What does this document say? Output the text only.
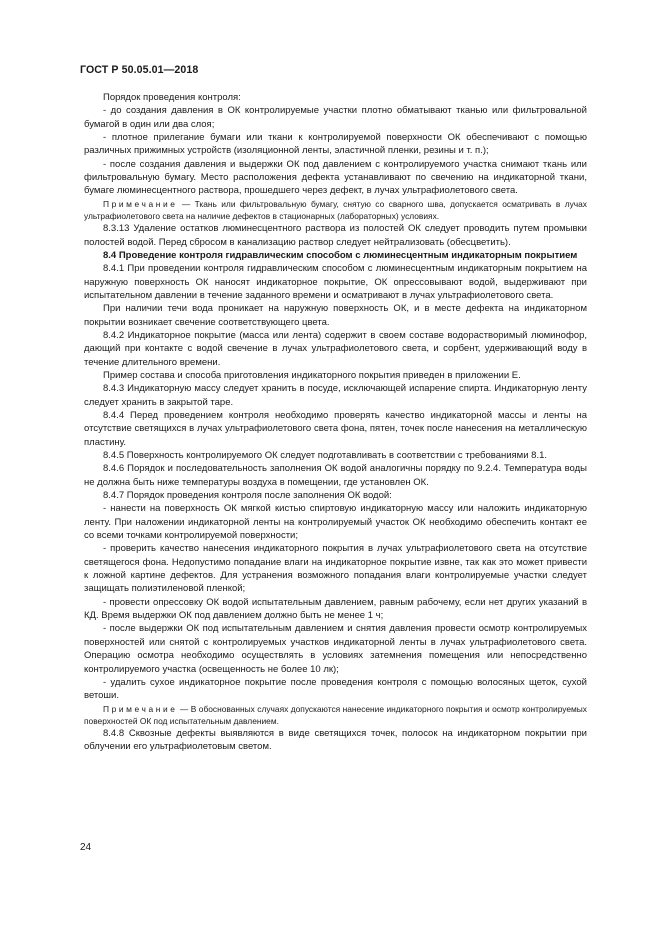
ГОСТ Р 50.05.01—2018

Порядок проведения контроля:

- до создания давления в ОК контролируемые участки плотно обматывают тканью или фильтровальной бумагой в один или два слоя;

- плотное прилегание бумаги или ткани к контролируемой поверхности ОК обеспечивают с помощью различных прижимных устройств (изоляционной ленты, эластичной пленки, резины и т. п.);

- после создания давления и выдержки ОК под давлением с контролируемого участка снимают ткань или фильтровальную бумагу. Место расположения дефекта устанавливают по свечению на индикаторной ткани, бумаге люминесцентного раствора, прошедшего через дефект, в лучах ультрафиолетового света.

Примечание — Ткань или фильтровальную бумагу, снятую со сварного шва, допускается осматривать в лучах ультрафиолетового света на наличие дефектов в стационарных (лабораторных) условиях.

8.3.13 Удаление остатков люминесцентного раствора из полостей ОК следует проводить путем промывки полостей водой. Перед сбросом в канализацию раствор следует нейтрализовать (обесцветить).

8.4 Проведение контроля гидравлическим способом с люминесцентным индикаторным покрытием

8.4.1 При проведении контроля гидравлическим способом с люминесцентным индикаторным покрытием на наружную поверхность ОК наносят индикаторное покрытие, ОК опрессовывают водой, выдерживают при испытательном давлении в течение заданного времени и осматривают в лучах ультрафиолетового света.

При наличии течи вода проникает на наружную поверхность ОК, и в месте дефекта на индикаторном покрытии возникает свечение соответствующего цвета.

8.4.2 Индикаторное покрытие (масса или лента) содержит в своем составе водорастворимый люминофор, дающий при контакте с водой свечение в лучах ультрафиолетового света, и сорбент, удерживающий воду в течение длительного времени.

Пример состава и способа приготовления индикаторного покрытия приведен в приложении Е.

8.4.3 Индикаторную массу следует хранить в посуде, исключающей испарение спирта. Индикаторную ленту следует хранить в закрытой таре.

8.4.4 Перед проведением контроля необходимо проверять качество индикаторной массы и ленты на отсутствие светящихся в лучах ультрафиолетового света фона, пятен, точек после нанесения на металлическую пластину.

8.4.5 Поверхность контролируемого ОК следует подготавливать в соответствии с требованиями 8.1.

8.4.6 Порядок и последовательность заполнения ОК водой аналогичны порядку по 9.2.4. Температура воды не должна быть ниже температуры воздуха в помещении, где установлен ОК.

8.4.7 Порядок проведения контроля после заполнения ОК водой:

- нанести на поверхность ОК мягкой кистью спиртовую индикаторную массу или наложить индикаторную ленту. При наложении индикаторной ленты на контролируемый участок ОК необходимо обеспечить контакт ее со всеми точками контролируемой поверхности;

- проверить качество нанесения индикаторного покрытия в лучах ультрафиолетового света на отсутствие светящегося фона. Недопустимо попадание влаги на индикаторное покрытие извне, так как это может привести к ложной картине дефектов. Для устранения возможного попадания влаги контролируемые участки следует защищать полиэтиленовой пленкой;

- провести опрессовку ОК водой испытательным давлением, равным рабочему, если нет других указаний в КД. Время выдержки ОК под давлением должно быть не менее 1 ч;

- после выдержки ОК под испытательным давлением и снятия давления провести осмотр контролируемых поверхностей или снятой с контролируемых участков индикаторной ленты в лучах ультрафиолетового света. Операцию осмотра необходимо осуществлять в условиях затемнения помещения или непосредственно контролируемого участка (освещенность не более 10 лк);

- удалить сухое индикаторное покрытие после проведения контроля с помощью волосяных щеток, сухой ветоши.

Примечание — В обоснованных случаях допускаются нанесение индикаторного покрытия и осмотр контролируемых поверхностей ОК под испытательным давлением.

8.4.8 Сквозные дефекты выявляются в виде светящихся точек, полосок на индикаторном покрытии при облучении его ультрафиолетовым светом.

24
